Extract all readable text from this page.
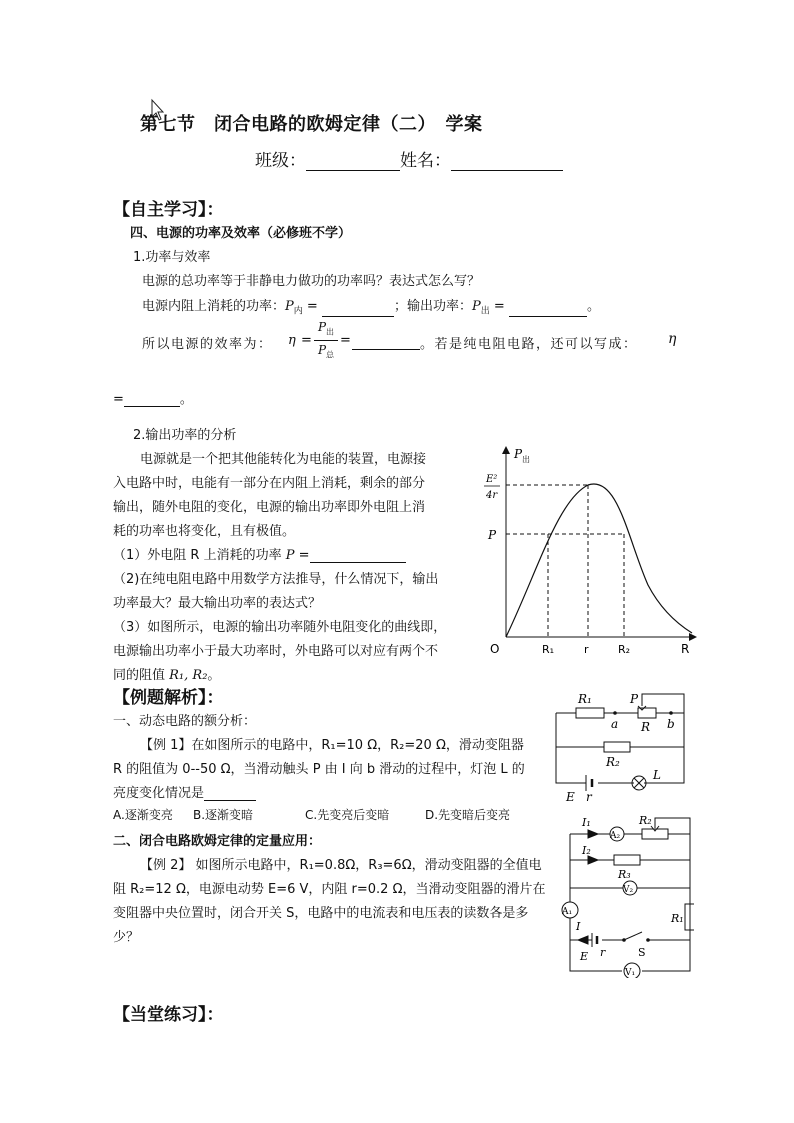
第七节　闭合电路的欧姆定律（二）　学案
班级：	姓名：
【自主学习】：
四、电源的功率及效率（必修班不学）
1.功率与效率
电源的总功率等于非静电力做功的功率吗？表达式怎么写？
电源内阻上消耗的功率：$P_内$ =	；输出功率：$P_出$ =	。
所以电源的效率为： η =
$P_出$
$P_总$
=	。若是纯电阻电路，还可以写成： η
=	。
2.输出功率的分析
电源就是一个把其他能转化为电能的装置，电源接
入电路中时，电能有一部分在内阻上消耗，剩余的部分
输出，随外电阻的变化，电源的输出功率即外电阻上消
耗的功率也将变化，且有极值。
（1）外电阻 R 上消耗的功率 P =
（2)在纯电阻电路中用数学方法推导，什么情况下，输出
功率最大？最大输出功率的表达式？
（3）如图所示，电源的输出功率随外电阻变化的曲线即，
电源输出功率小于最大功率时，外电路可以对应有两个不
同的阻值 R₁, R₂。
P 出
E²
4r
P
O	R₁	r	R₂	R
【例题解析】：
一、动态电路的额分析：
【例 1】在如图所示的电路中，R₁=10 Ω，R₂=20 Ω，滑动变阻器
R 的阻值为 0--50 Ω，当滑动触头 P 由 I 向 b 滑动的过程中，灯泡 L 的
亮度变化情况是
A.逐渐变亮 B.逐渐变暗	C.先变亮后变暗	D.先变暗后变亮
二、闭合电路欧姆定律的定量应用：
【例 2】 如图所示电路中，R₁=0.8Ω，R₃=6Ω，滑动变阻器的全值电
阻 R₂=12 Ω，电源电动势 E=6 V，内阻 r=0.2 Ω，当滑动变阻器的滑片在
变阻器中央位置时，闭合开关 S，电路中的电流表和电压表的读数各是多
少？
R₁	P
a R b
R₂
E r
L
I₁
A₂
R₂
I₂
R₃
V₂
A₁	R₁
I
E r	S
V₁
【当堂练习】：
